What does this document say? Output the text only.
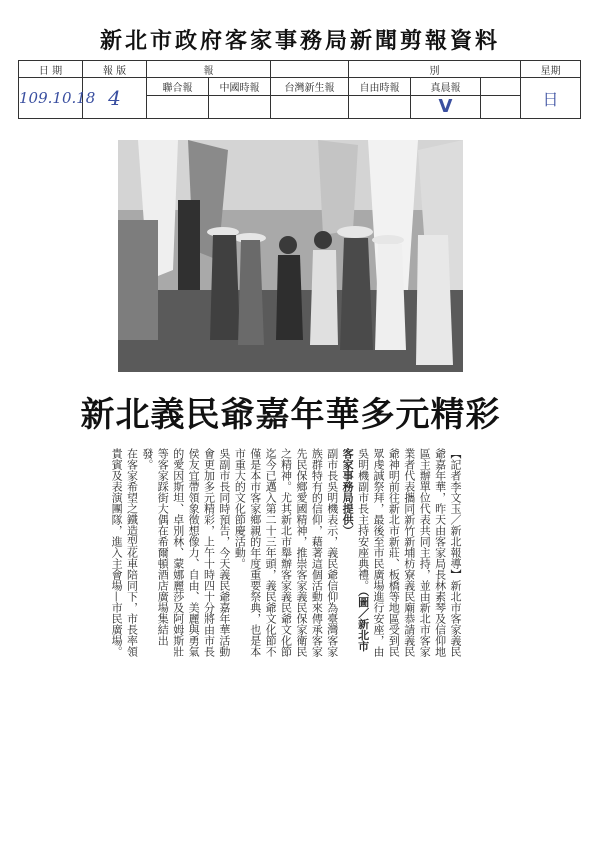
新北市政府客家事務局新聞剪報資料
日 期	報 版	報			別			星期
109.10.18	4	聯合報	中國時報	台灣新生報	自由時報	真晨報		日
						V		
新北義民爺嘉年華 多元精彩

【記者李文玉／新北報導】新北市客家義民爺嘉年華，昨天由客家局長林素琴及信仰地區主辦單位代表共同主持，並由新北市客家業者代表攜同新竹新埔枋寮義民廟恭請義民爺神明前往新北市新莊、板橋等地區受到民眾虔誠祭拜，最後至市民廣場進行安座，由吳明機副市長主持安座典禮。（圖／新北市客家事務局提供）

副市長吳明機表示，義民爺信仰為臺灣客家族群特有的信仰，藉著這個活動來傳承客家先民保鄉愛國精神，推崇客家義民保家衛民之精神。尤其新北市舉辦客家義民爺文化節迄今已邁入第二十三年頭，義民爺文化節不僅是本市客家鄉親的年度重要祭典，也是本市重大的文化節慶活動。

吳副市長同時預告，今天義民爺嘉年華活動會更加多元精彩，上午十時四十分將由市長侯友宜帶領象徵想像力、自由、美麗與勇氣的愛因斯坦、卓別林、蒙娜麗莎及阿姆斯壯等客家踩街大偶在希爾頓酒店廣場集結出發。

在客家希望之鐵造型花車陪同下，市長率領貴賓及表演團隊，進入主會場—市民廣場。
